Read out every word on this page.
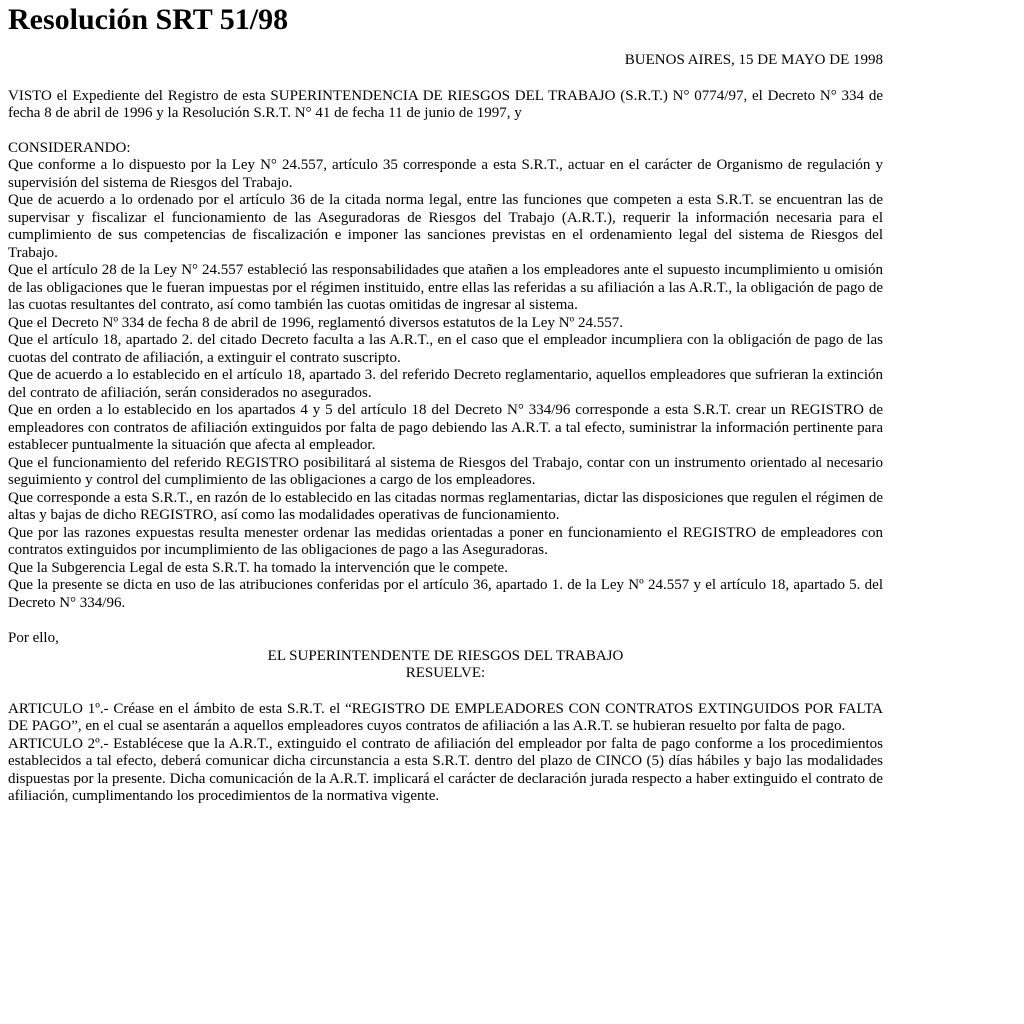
Resolución SRT 51/98
BUENOS AIRES, 15 DE MAYO DE 1998

VISTO el Expediente del Registro de esta SUPERINTENDENCIA DE RIESGOS DEL TRABAJO (S.R.T.) N° 0774/97, el Decreto N° 334 de fecha 8 de abril de 1996 y la Resolución S.R.T. N° 41 de fecha 11 de junio de 1997, y

CONSIDERANDO:

Que conforme a lo dispuesto por la Ley N° 24.557, artículo 35 corresponde a esta S.R.T., actuar en el carácter de Organismo de regulación y supervisión del sistema de Riesgos del Trabajo.

Que de acuerdo a lo ordenado por el artículo 36 de la citada norma legal, entre las funciones que competen a esta S.R.T. se encuentran las de supervisar y fiscalizar el funcionamiento de las Aseguradoras de Riesgos del Trabajo (A.R.T.), requerir la información necesaria para el cumplimiento de sus competencias de fiscalización e imponer las sanciones previstas en el ordenamiento legal del sistema de Riesgos del Trabajo.

Que el artículo 28 de la Ley N° 24.557 estableció las responsabilidades que atañen a los empleadores ante el supuesto incumplimiento u omisión de las obligaciones que le fueran impuestas por el régimen instituido, entre ellas las referidas a su afiliación a las A.R.T., la obligación de pago de las cuotas resultantes del contrato, así como también las cuotas omitidas de ingresar al sistema.

Que el Decreto Nº 334 de fecha 8 de abril de 1996, reglamentó diversos estatutos de la Ley Nº 24.557.

Que el artículo 18, apartado 2. del citado Decreto faculta a las A.R.T., en el caso que el empleador incumpliera con la obligación de pago de las cuotas del contrato de afiliación, a extinguir el contrato suscripto.

Que de acuerdo a lo establecido en el artículo 18, apartado 3. del referido Decreto reglamentario, aquellos empleadores que sufrieran la extinción del contrato de afiliación, serán considerados no asegurados.

Que en orden a lo establecido en los apartados 4 y 5 del artículo 18 del Decreto N° 334/96 corresponde a esta S.R.T. crear un REGISTRO de empleadores con contratos de afiliación extinguidos por falta de pago debiendo las A.R.T. a tal efecto, suministrar la información pertinente para establecer puntualmente la situación que afecta al empleador.

Que el funcionamiento del referido REGISTRO posibilitará al sistema de Riesgos del Trabajo, contar con un instrumento orientado al necesario seguimiento y control del cumplimiento de las obligaciones a cargo de los empleadores.

Que corresponde a esta S.R.T., en razón de lo establecido en las citadas normas reglamentarias, dictar las disposiciones que regulen el régimen de altas y bajas de dicho REGISTRO, así como las modalidades operativas de funcionamiento.

Que por las razones expuestas resulta menester ordenar las medidas orientadas a poner en funcionamiento el REGISTRO de empleadores con contratos extinguidos por incumplimiento de las obligaciones de pago a las Aseguradoras.

Que la Subgerencia Legal de esta S.R.T. ha tomado la intervención que le compete.

Que la presente se dicta en uso de las atribuciones conferidas por el artículo 36, apartado 1. de la Ley Nº 24.557 y el artículo 18, apartado 5. del Decreto N° 334/96.

Por ello,

EL SUPERINTENDENTE DE RIESGOS DEL TRABAJO

RESUELVE:

ARTICULO 1º.- Créase en el ámbito de esta S.R.T. el “REGISTRO DE EMPLEADORES CON CONTRATOS EXTINGUIDOS POR FALTA DE PAGO”, en el cual se asentarán a aquellos empleadores cuyos contratos de afiliación a las A.R.T. se hubieran resuelto por falta de pago.

ARTICULO 2º.- Establécese que la A.R.T., extinguido el contrato de afiliación del empleador por falta de pago conforme a los procedimientos establecidos a tal efecto, deberá comunicar dicha circunstancia a esta S.R.T. dentro del plazo de CINCO (5) días hábiles y bajo las modalidades dispuestas por la presente. Dicha comunicación de la A.R.T. implicará el carácter de declaración jurada respecto a haber extinguido el contrato de afiliación, cumplimentando los procedimientos de la normativa vigente.
